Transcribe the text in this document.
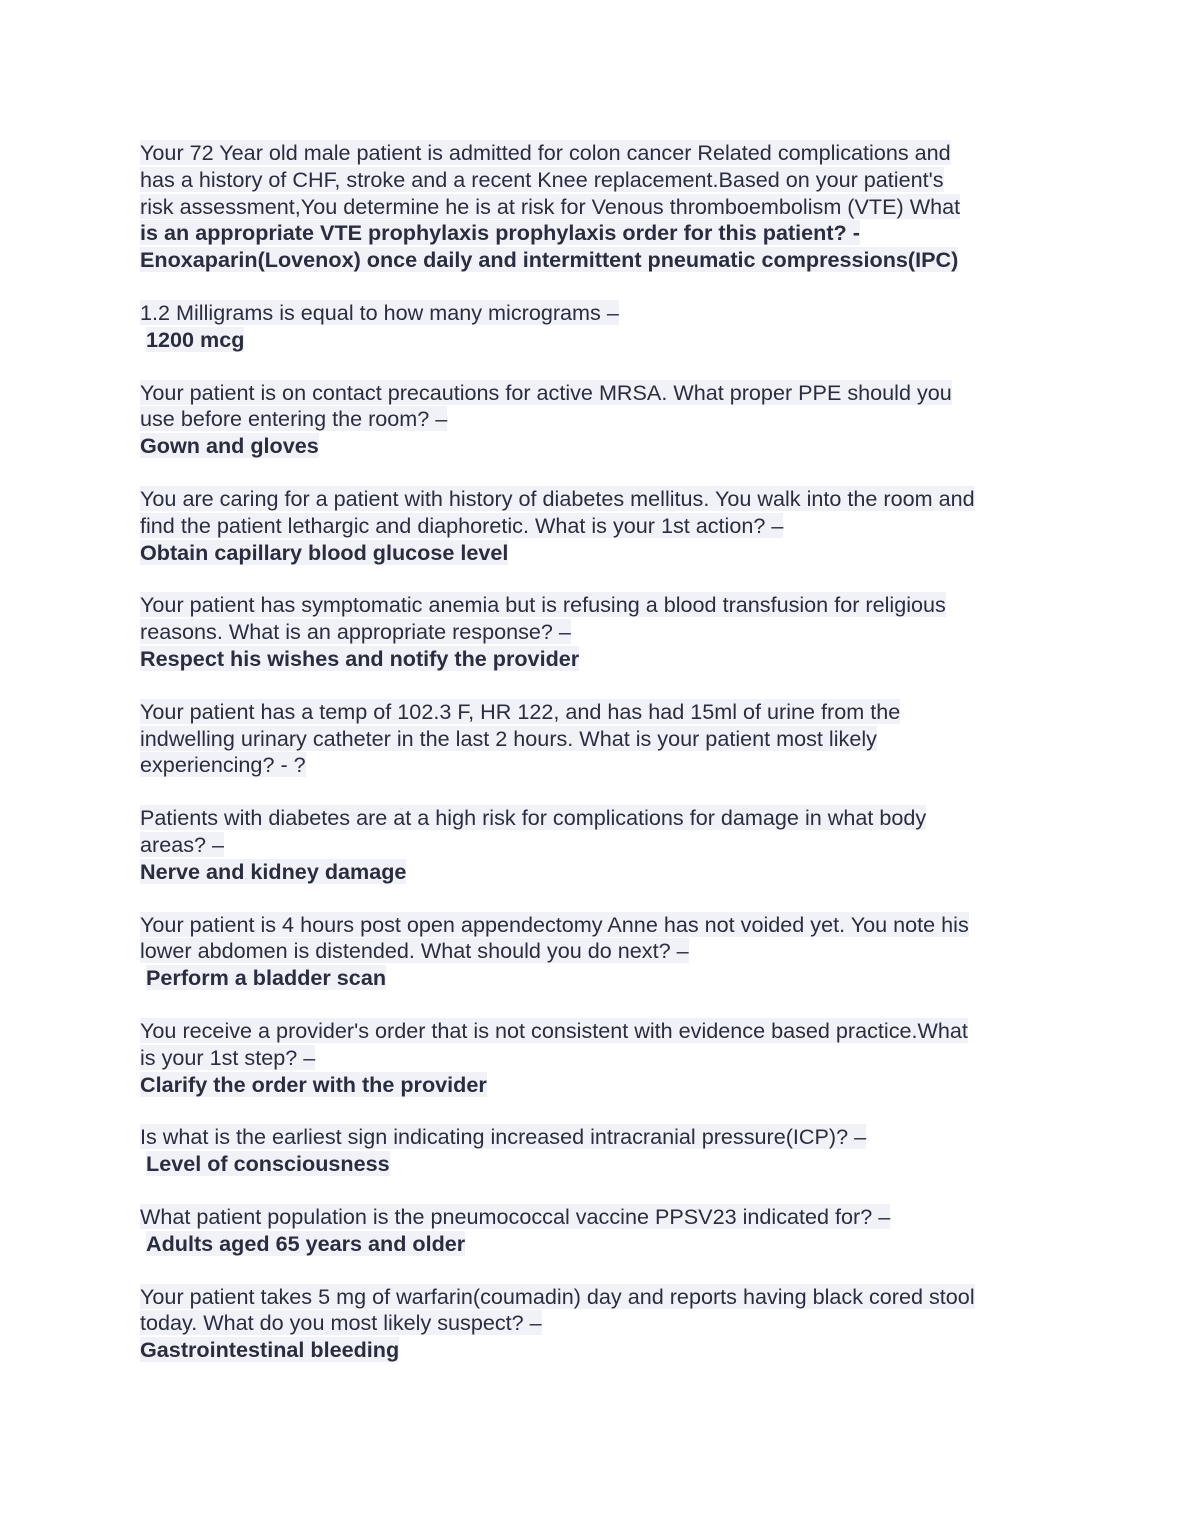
Your 72 Year old male patient is admitted for colon cancer Related complications and
has a history of CHF, stroke and a recent Knee replacement.Based on your patient's
risk assessment,You determine he is at risk for Venous thromboembolism (VTE) What
is an appropriate VTE prophylaxis prophylaxis order for this patient? -
Enoxaparin(Lovenox) once daily and intermittent pneumatic compressions(IPC)
1.2 Milligrams is equal to how many micrograms –
1200 mcg
Your patient is on contact precautions for active MRSA. What proper PPE should you
use before entering the room? –
Gown and gloves
You are caring for a patient with history of diabetes mellitus. You walk into the room and
find the patient lethargic and diaphoretic. What is your 1st action? –
Obtain capillary blood glucose level
Your patient has symptomatic anemia but is refusing a blood transfusion for religious
reasons. What is an appropriate response? –
Respect his wishes and notify the provider
Your patient has a temp of 102.3 F, HR 122, and has had 15ml of urine from the
indwelling urinary catheter in the last 2 hours. What is your patient most likely
experiencing? - ?
Patients with diabetes are at a high risk for complications for damage in what body
areas? –
Nerve and kidney damage
Your patient is 4 hours post open appendectomy Anne has not voided yet. You note his
lower abdomen is distended. What should you do next? –
Perform a bladder scan
You receive a provider's order that is not consistent with evidence based practice.What
is your 1st step? –
Clarify the order with the provider
Is what is the earliest sign indicating increased intracranial pressure(ICP)? –
Level of consciousness
What patient population is the pneumococcal vaccine PPSV23 indicated for? –
Adults aged 65 years and older
Your patient takes 5 mg of warfarin(coumadin) day and reports having black cored stool
today. What do you most likely suspect? –
Gastrointestinal bleeding
